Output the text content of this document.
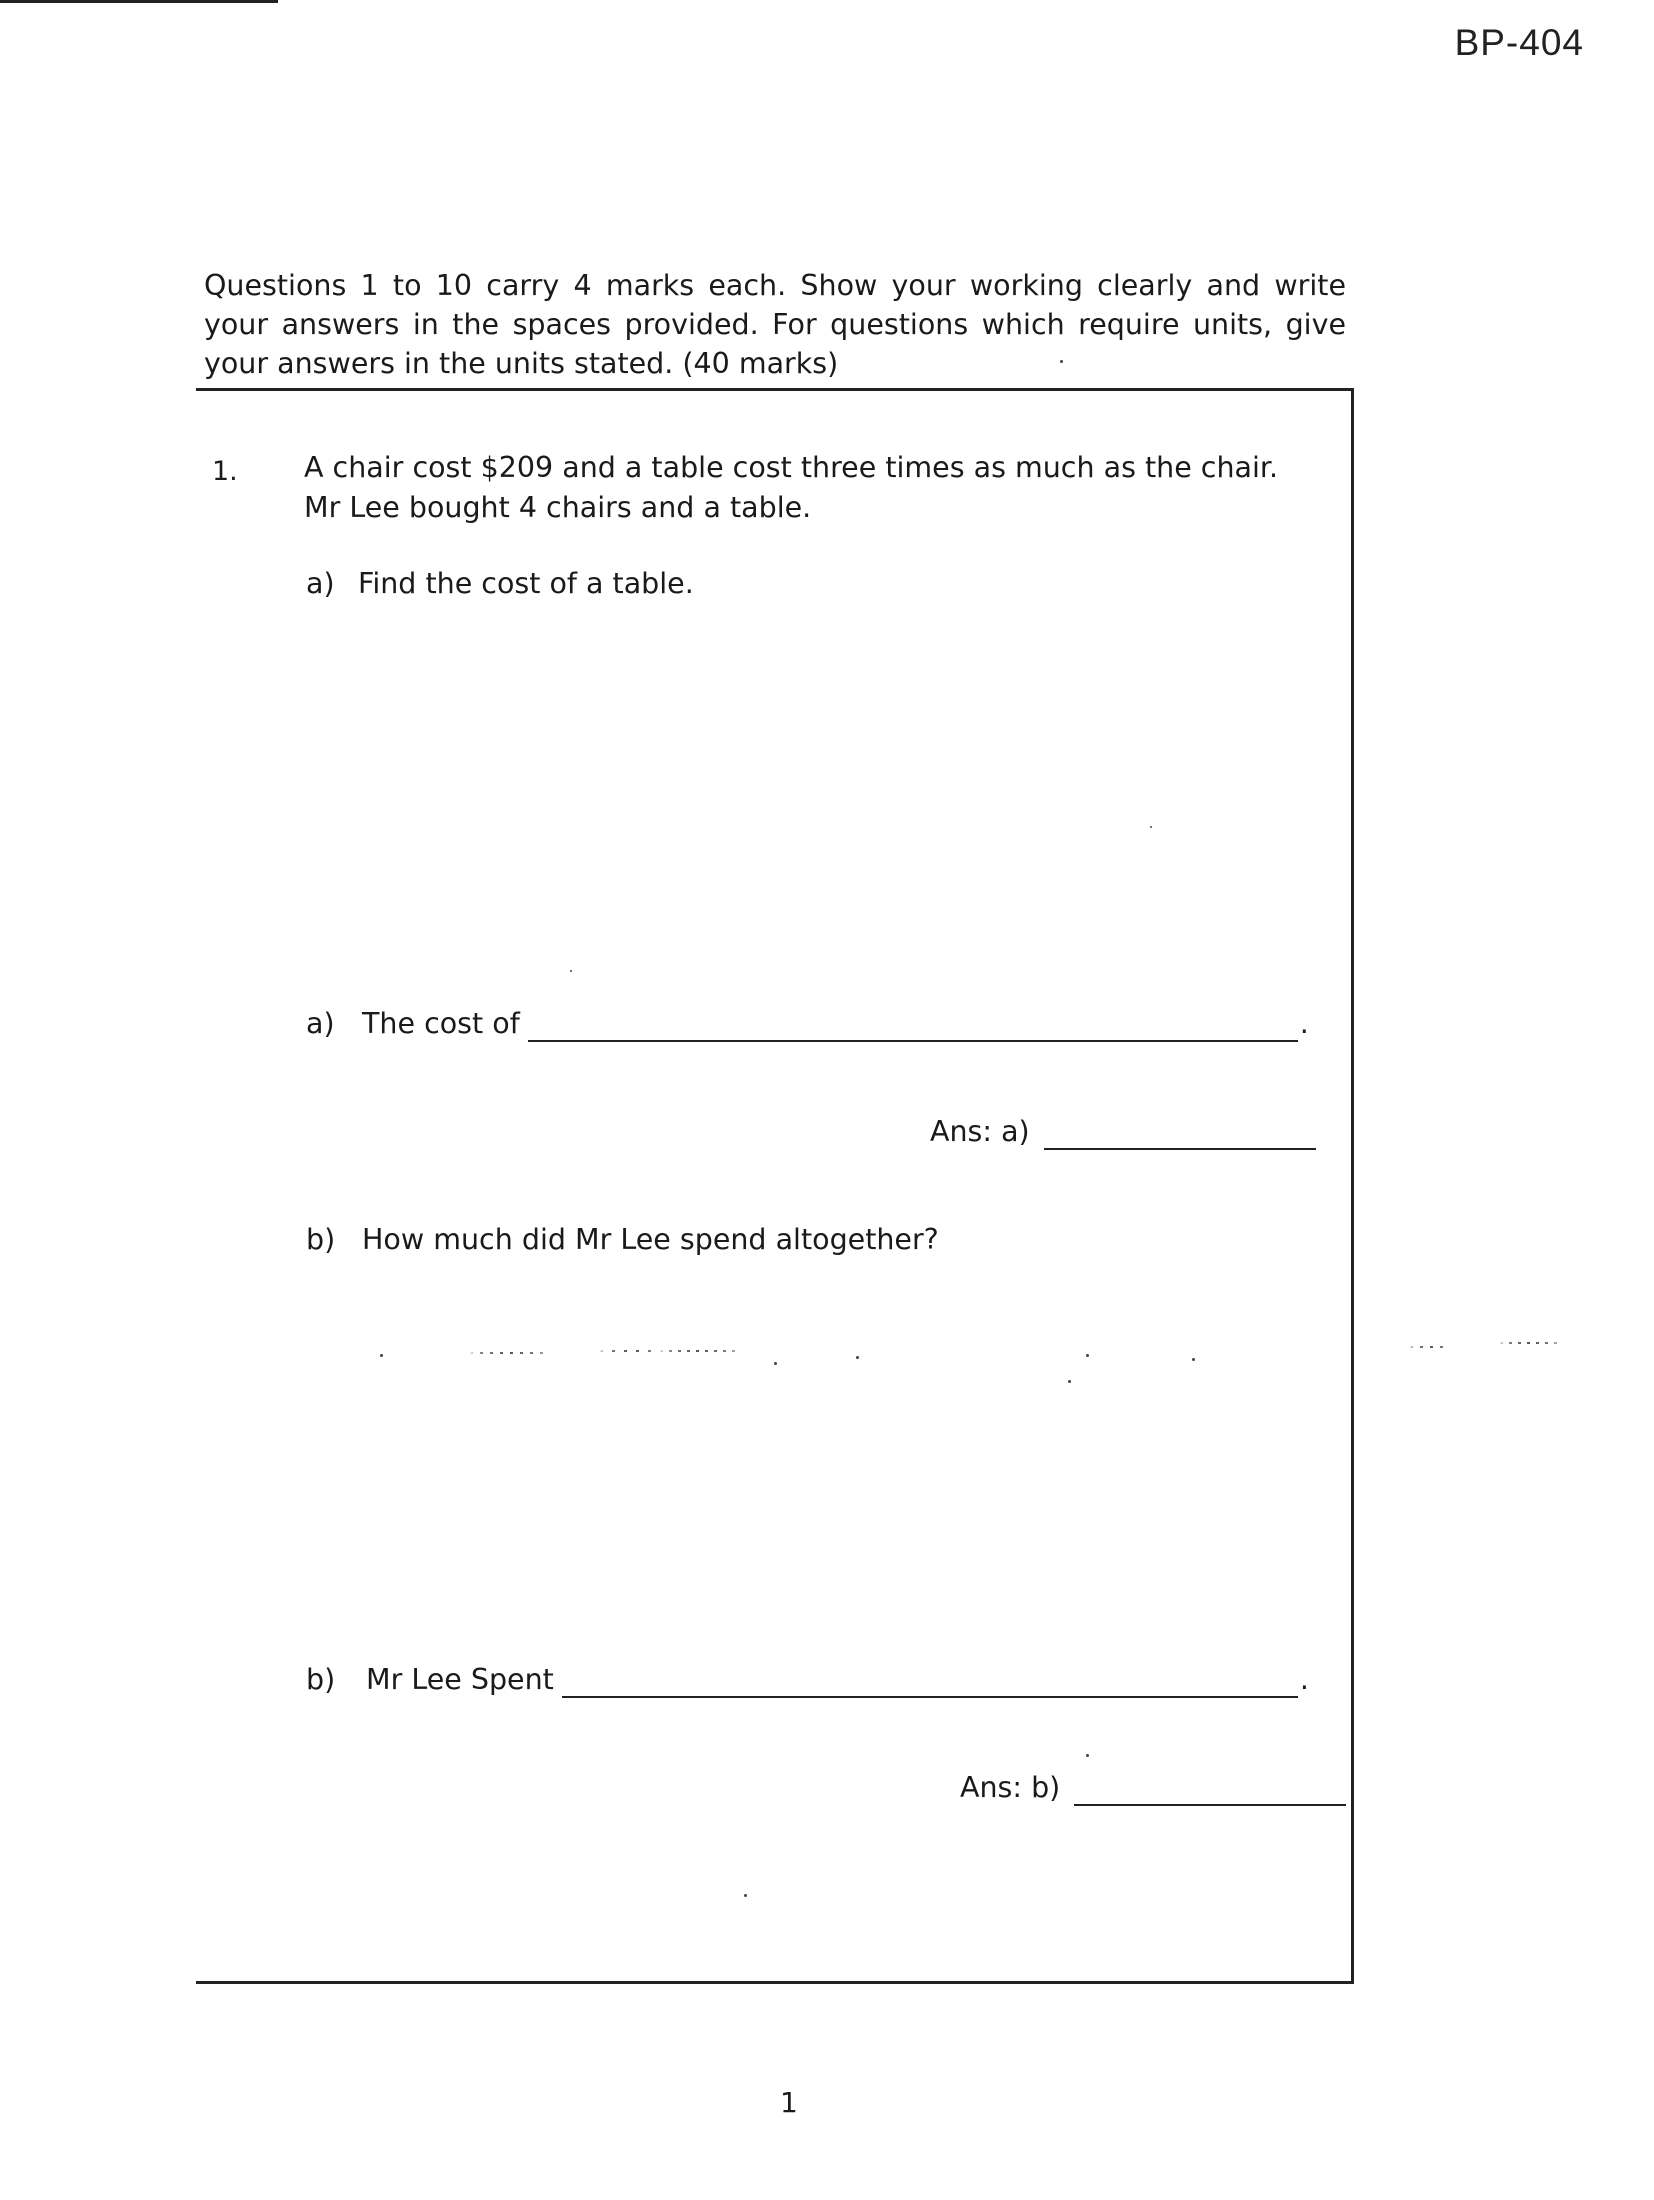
BP-404
Questions 1 to 10 carry 4 marks each. Show your working clearly and write your answers in the spaces provided. For questions which require units, give your answers in the units stated. (40 marks)
1. A chair cost $209 and a table cost three times as much as the chair. Mr Lee bought 4 chairs and a table.
a) Find the cost of a table.
a) The cost of	.
Ans: a)
b) How much did Mr Lee spend altogether?
b)	Mr Lee Spent	.
Ans: b)
1
